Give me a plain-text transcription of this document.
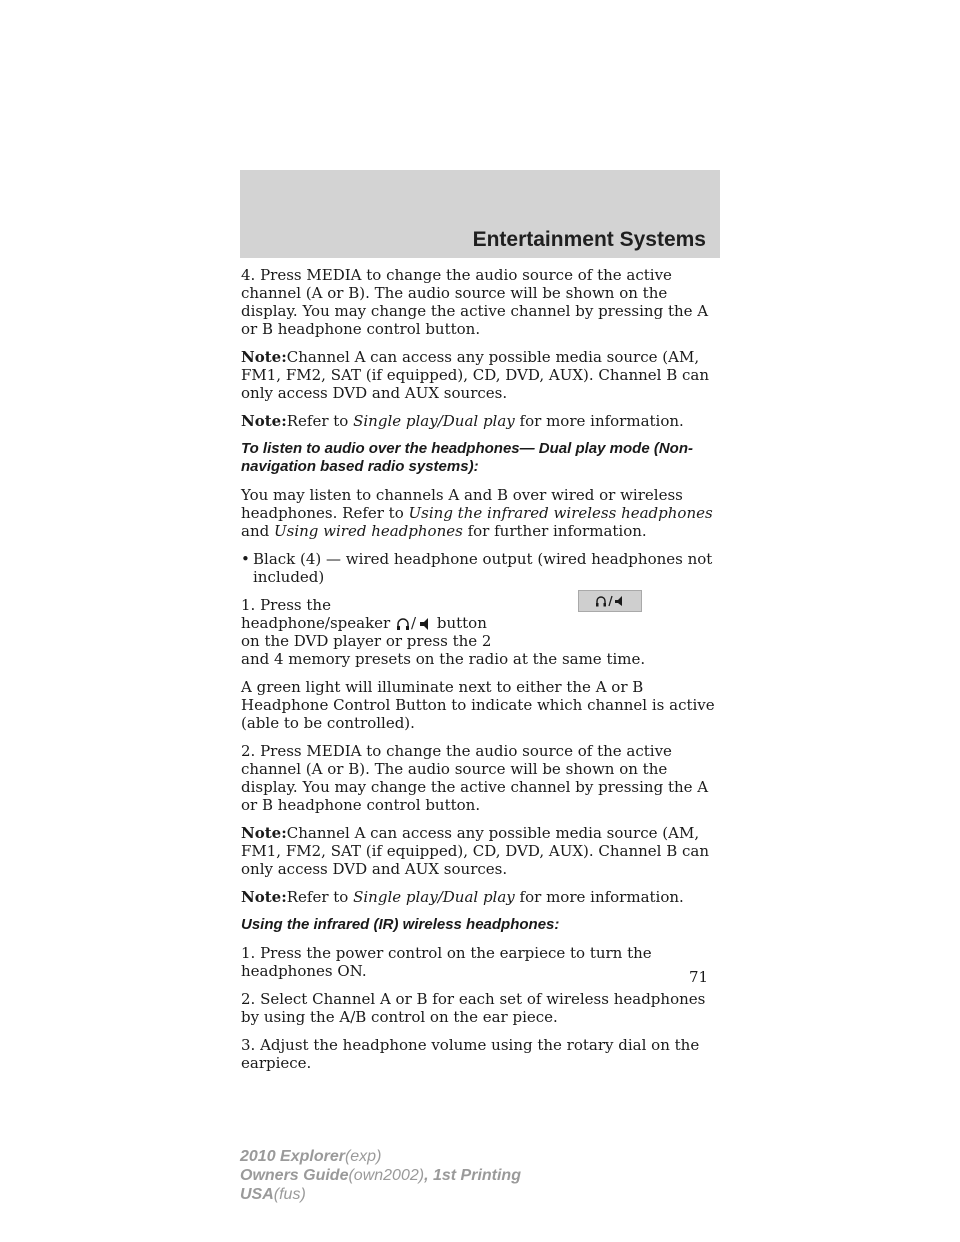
Entertainment Systems

4. Press MEDIA to change the audio source of the active channel (A or B). The audio source will be shown on the display. You may change the active channel by pressing the A or B headphone control button.

Note:Channel A can access any possible media source (AM, FM1, FM2, SAT (if equipped), CD, DVD, AUX). Channel B can only access DVD and AUX sources.

Note:Refer to Single play/Dual play for more information.

To listen to audio over the headphones— Dual play mode (Non-navigation based radio systems):

You may listen to channels A and B over wired or wireless headphones. Refer to Using the infrared wireless headphones and Using wired headphones for further information.

• Black (4) — wired headphone output (wired headphones not included)
1. Press the
headphone/speaker / button
on the DVD player or press the 2
and 4 memory presets on the radio at the same time.

A green light will illuminate next to either the A or B Headphone Control Button to indicate which channel is active (able to be controlled).

2. Press MEDIA to change the audio source of the active channel (A or B). The audio source will be shown on the display. You may change the active channel by pressing the A or B headphone control button.

Note:Channel A can access any possible media source (AM, FM1, FM2, SAT (if equipped), CD, DVD, AUX). Channel B can only access DVD and AUX sources.

Note:Refer to Single play/Dual play for more information.

Using the infrared (IR) wireless headphones:

1. Press the power control on the earpiece to turn the headphones ON.

2. Select Channel A or B for each set of wireless headphones by using the A/B control on the ear piece.

3. Adjust the headphone volume using the rotary dial on the earpiece.

71
2010 Explorer(exp)
Owners Guide(own2002), 1st Printing
USA(fus)
